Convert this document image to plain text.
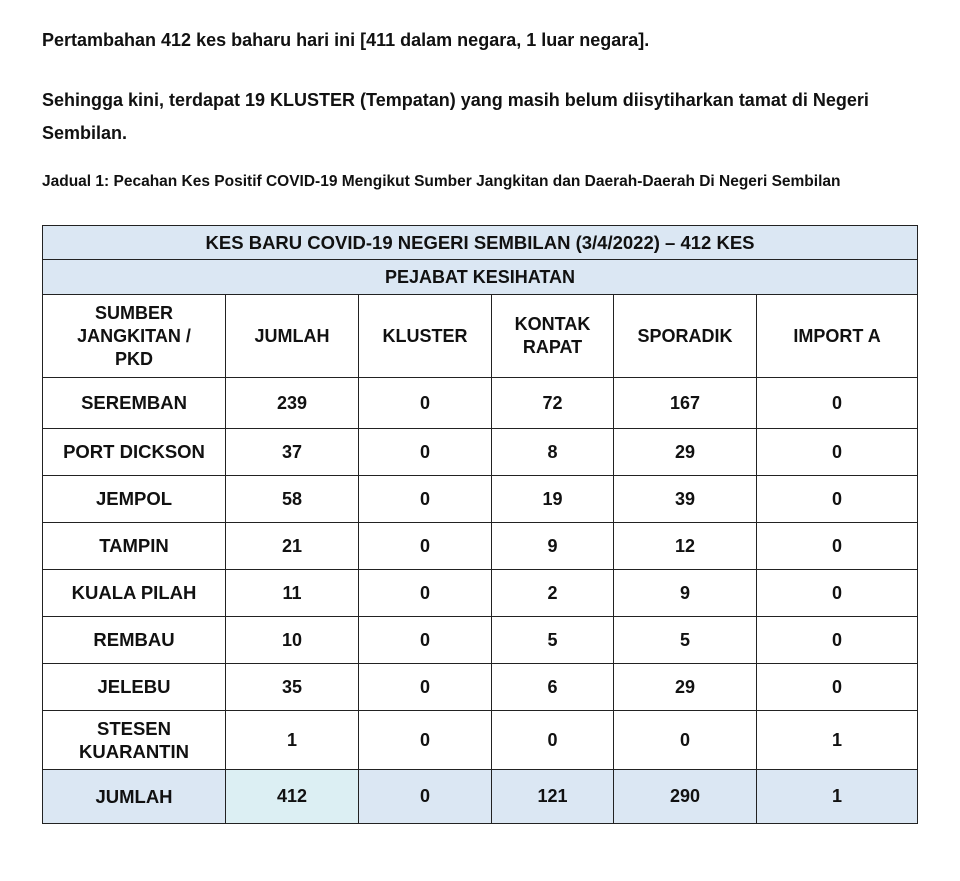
Pertambahan 412 kes baharu hari ini [411 dalam negara, 1 luar negara].

Sehingga kini, terdapat 19 KLUSTER (Tempatan) yang masih belum diisytiharkan tamat di Negeri Sembilan.

Jadual 1: Pecahan Kes Positif COVID-19 Mengikut Sumber Jangkitan dan Daerah-Daerah Di Negeri Sembilan

KES BARU COVID-19 NEGERI SEMBILAN (3/4/2022) – 412 KES					
PEJABAT KESIHATAN					
SUMBER JANGKITAN / PKD	JUMLAH	KLUSTER	KONTAK RAPAT	SPORADIK	IMPORT A
SEREMBAN	239	0	72	167	0
PORT DICKSON	37	0	8	29	0
JEMPOL	58	0	19	39	0
TAMPIN	21	0	9	12	0
KUALA PILAH	11	0	2	9	0
REMBAU	10	0	5	5	0
JELEBU	35	0	6	29	0
STESEN KUARANTIN	1	0	0	0	1
JUMLAH	412	0	121	290	1
